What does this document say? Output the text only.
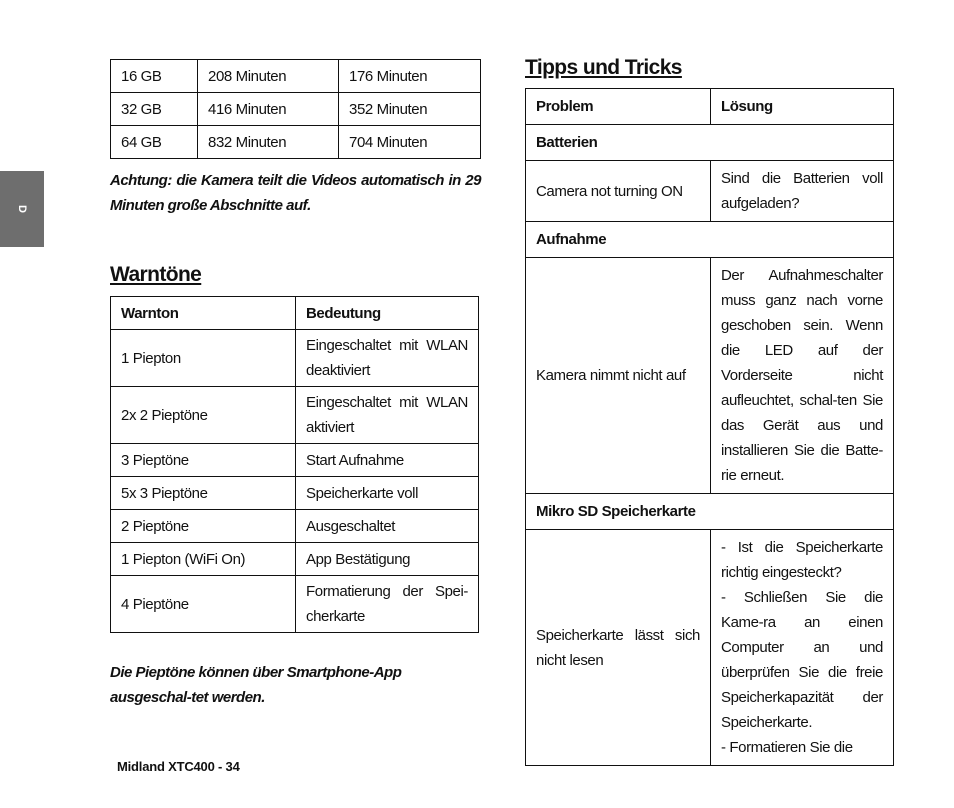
D
16 GB	208 Minuten	176 Minuten
32 GB	416 Minuten	352 Minuten
64 GB	832 Minuten	704 Minuten

Achtung: die Kamera teilt die Videos automatisch in 29 Minuten große Abschnitte auf.

Warntöne
Warnton	Bedeutung
1 Piepton	Eingeschaltet mit WLAN deaktiviert
2x 2 Pieptöne	Eingeschaltet mit WLAN aktiviert
3 Pieptöne	Start Aufnahme
5x 3 Pieptöne	Speicherkarte voll
2 Pieptöne	Ausgeschaltet
1 Piepton (WiFi On)	App Bestätigung
4 Pieptöne	Formatierung der Spei-cherkarte

Die Pieptöne können über Smartphone-App ausgeschal-tet werden.

Tipps und Tricks
Problem	Lösung
Batterien	
Camera not turning ON	Sind die Batterien voll aufgeladen?
Aufnahme	
Kamera nimmt nicht auf	Der Aufnahmeschalter muss ganz nach vorne geschoben sein. Wenn die LED auf der Vorderseite nicht aufleuchtet, schal-ten Sie das Gerät aus und installieren Sie die Batte-rie erneut.
Mikro SD Speicherkarte	
Speicherkarte lässt sich nicht lesen	- Ist die Speicherkarte richtig eingesteckt?
- Schließen Sie die Kame-ra an einen Computer an und überprüfen Sie die freie Speicherkapazität der Speicherkarte.
- Formatieren Sie die
Midland XTC400 - 34
